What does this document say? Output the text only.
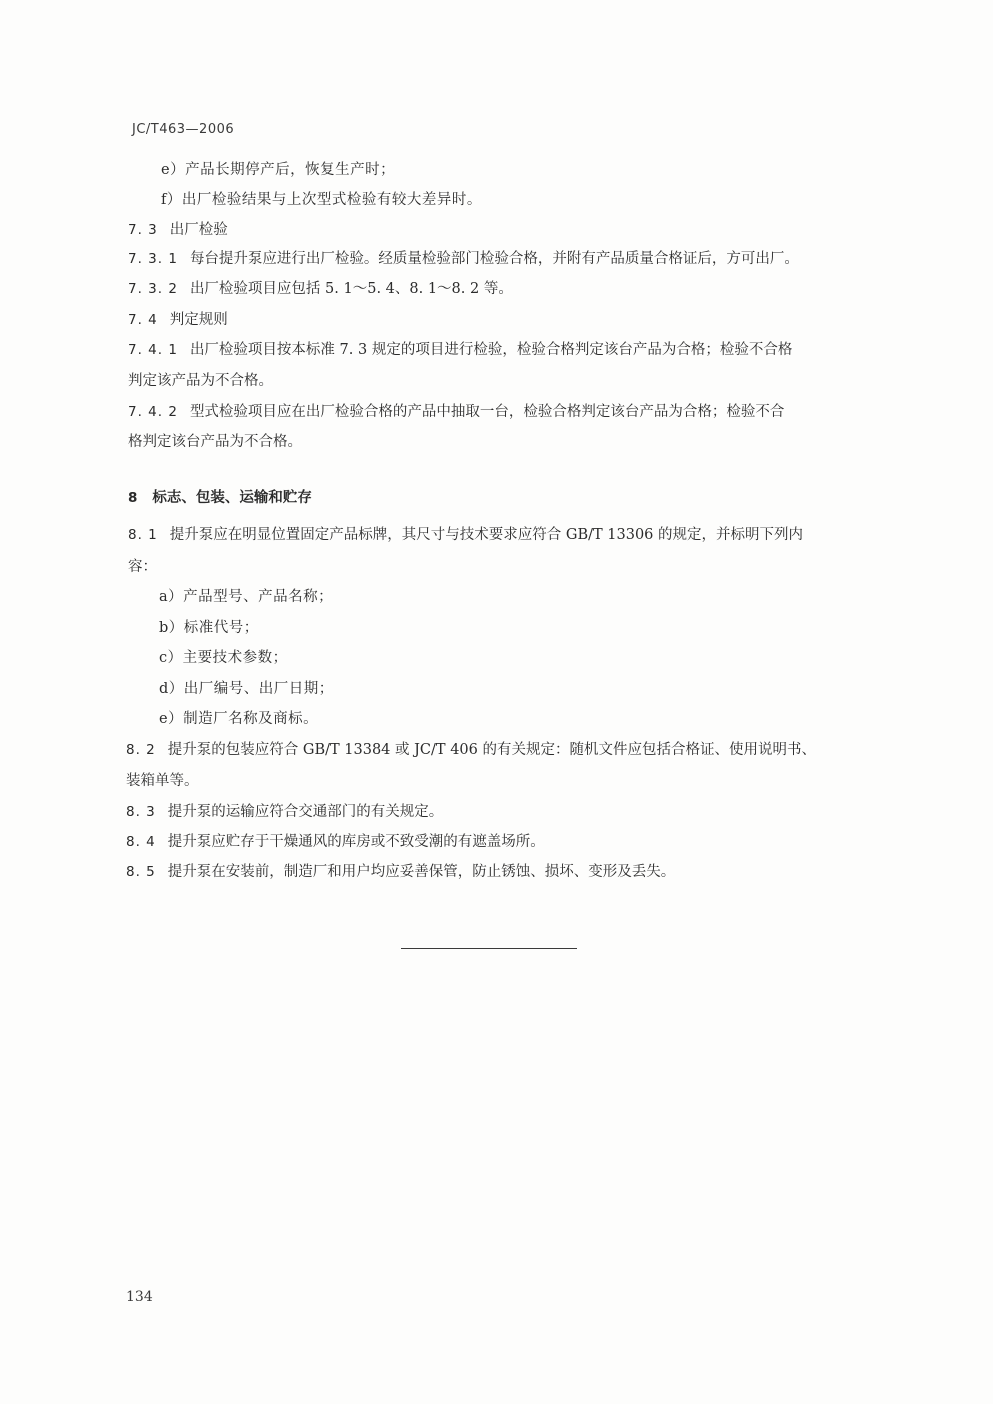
JC/T463—2006
e）产品长期停产后，恢复生产时；
f）出厂检验结果与上次型式检验有较大差异时。
7. 3 出厂检验
7. 3. 1 每台提升泵应进行出厂检验。经质量检验部门检验合格，并附有产品质量合格证后，方可出厂。
7. 3. 2 出厂检验项目应包括 5. 1～5. 4、8. 1～8. 2 等。
7. 4 判定规则
7. 4. 1 出厂检验项目按本标准 7. 3 规定的项目进行检验，检验合格判定该台产品为合格；检验不合格
判定该产品为不合格。
7. 4. 2 型式检验项目应在出厂检验合格的产品中抽取一台，检验合格判定该台产品为合格；检验不合
格判定该台产品为不合格。
8 标志、包装、运输和贮存
8. 1 提升泵应在明显位置固定产品标牌，其尺寸与技术要求应符合 GB/T 13306 的规定，并标明下列内
容：
a）产品型号、产品名称；
b）标准代号；
c）主要技术参数；
d）出厂编号、出厂日期；
e）制造厂名称及商标。
8. 2 提升泵的包装应符合 GB/T 13384 或 JC/T 406 的有关规定：随机文件应包括合格证、使用说明书、
装箱单等。
8. 3 提升泵的运输应符合交通部门的有关规定。
8. 4 提升泵应贮存于干燥通风的库房或不致受潮的有遮盖场所。
8. 5 提升泵在安装前，制造厂和用户均应妥善保管，防止锈蚀、损坏、变形及丢失。
134
